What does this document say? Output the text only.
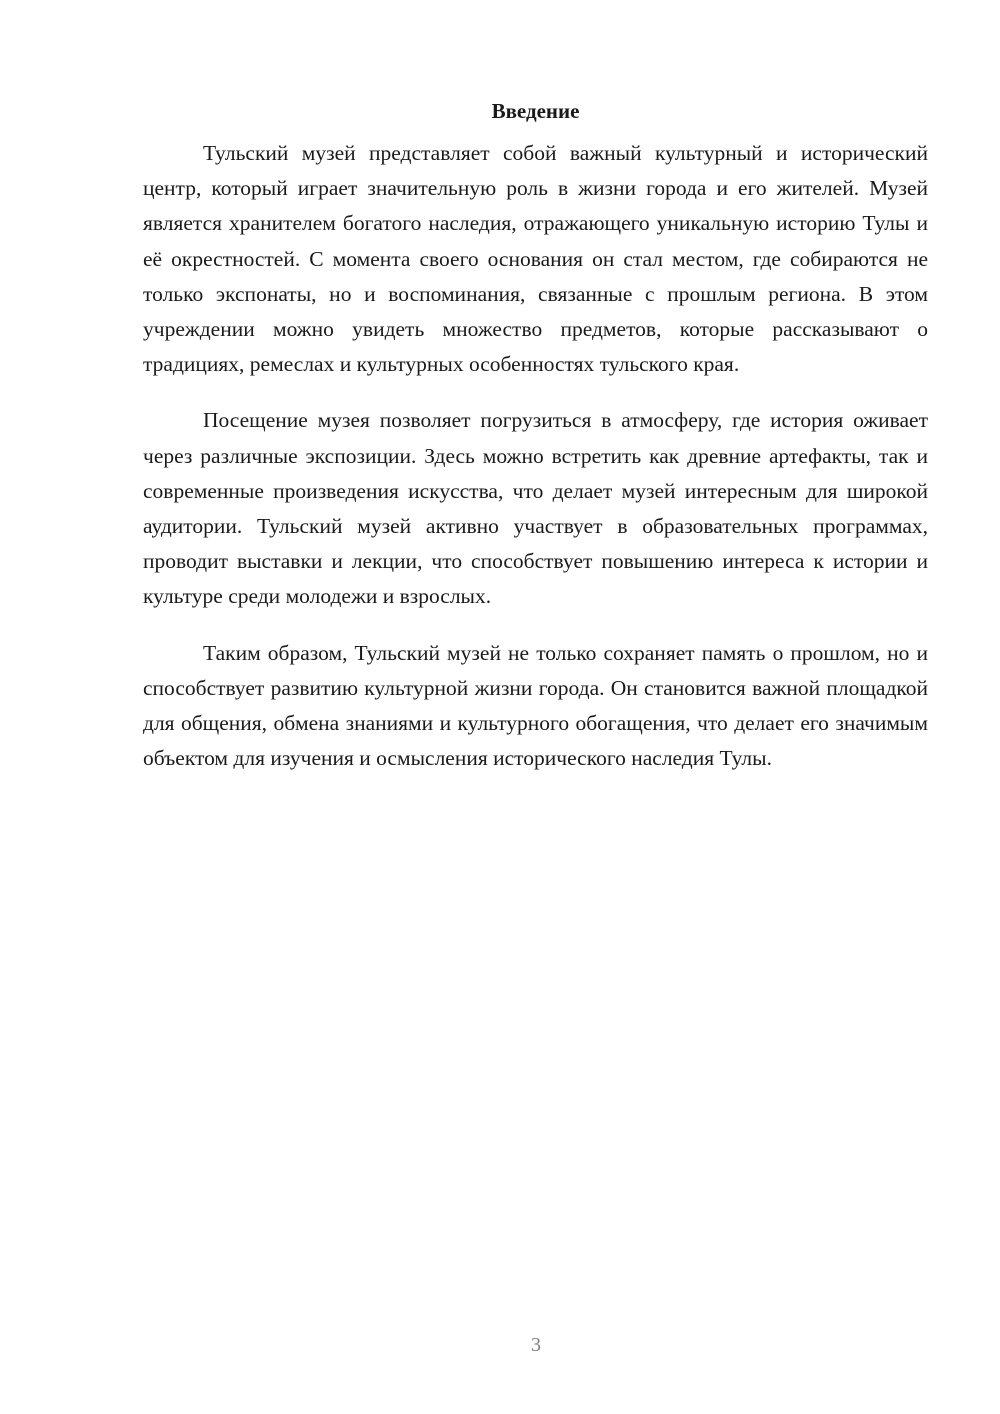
Введение

Тульский музей представляет собой важный культурный и исторический центр, который играет значительную роль в жизни города и его жителей. Музей является хранителем богатого наследия, отражающего уникальную историю Тулы и её окрестностей. С момента своего основания он стал местом, где собираются не только экспонаты, но и воспоминания, связанные с прошлым региона. В этом учреждении можно увидеть множество предметов, которые рассказывают о традициях, ремеслах и культурных особенностях тульского края.

Посещение музея позволяет погрузиться в атмосферу, где история оживает через различные экспозиции. Здесь можно встретить как древние артефакты, так и современные произведения искусства, что делает музей интересным для широкой аудитории. Тульский музей активно участвует в образовательных программах, проводит выставки и лекции, что способствует повышению интереса к истории и культуре среди молодежи и взрослых.

Таким образом, Тульский музей не только сохраняет память о прошлом, но и способствует развитию культурной жизни города. Он становится важной площадкой для общения, обмена знаниями и культурного обогащения, что делает его значимым объектом для изучения и осмысления исторического наследия Тулы.

3
